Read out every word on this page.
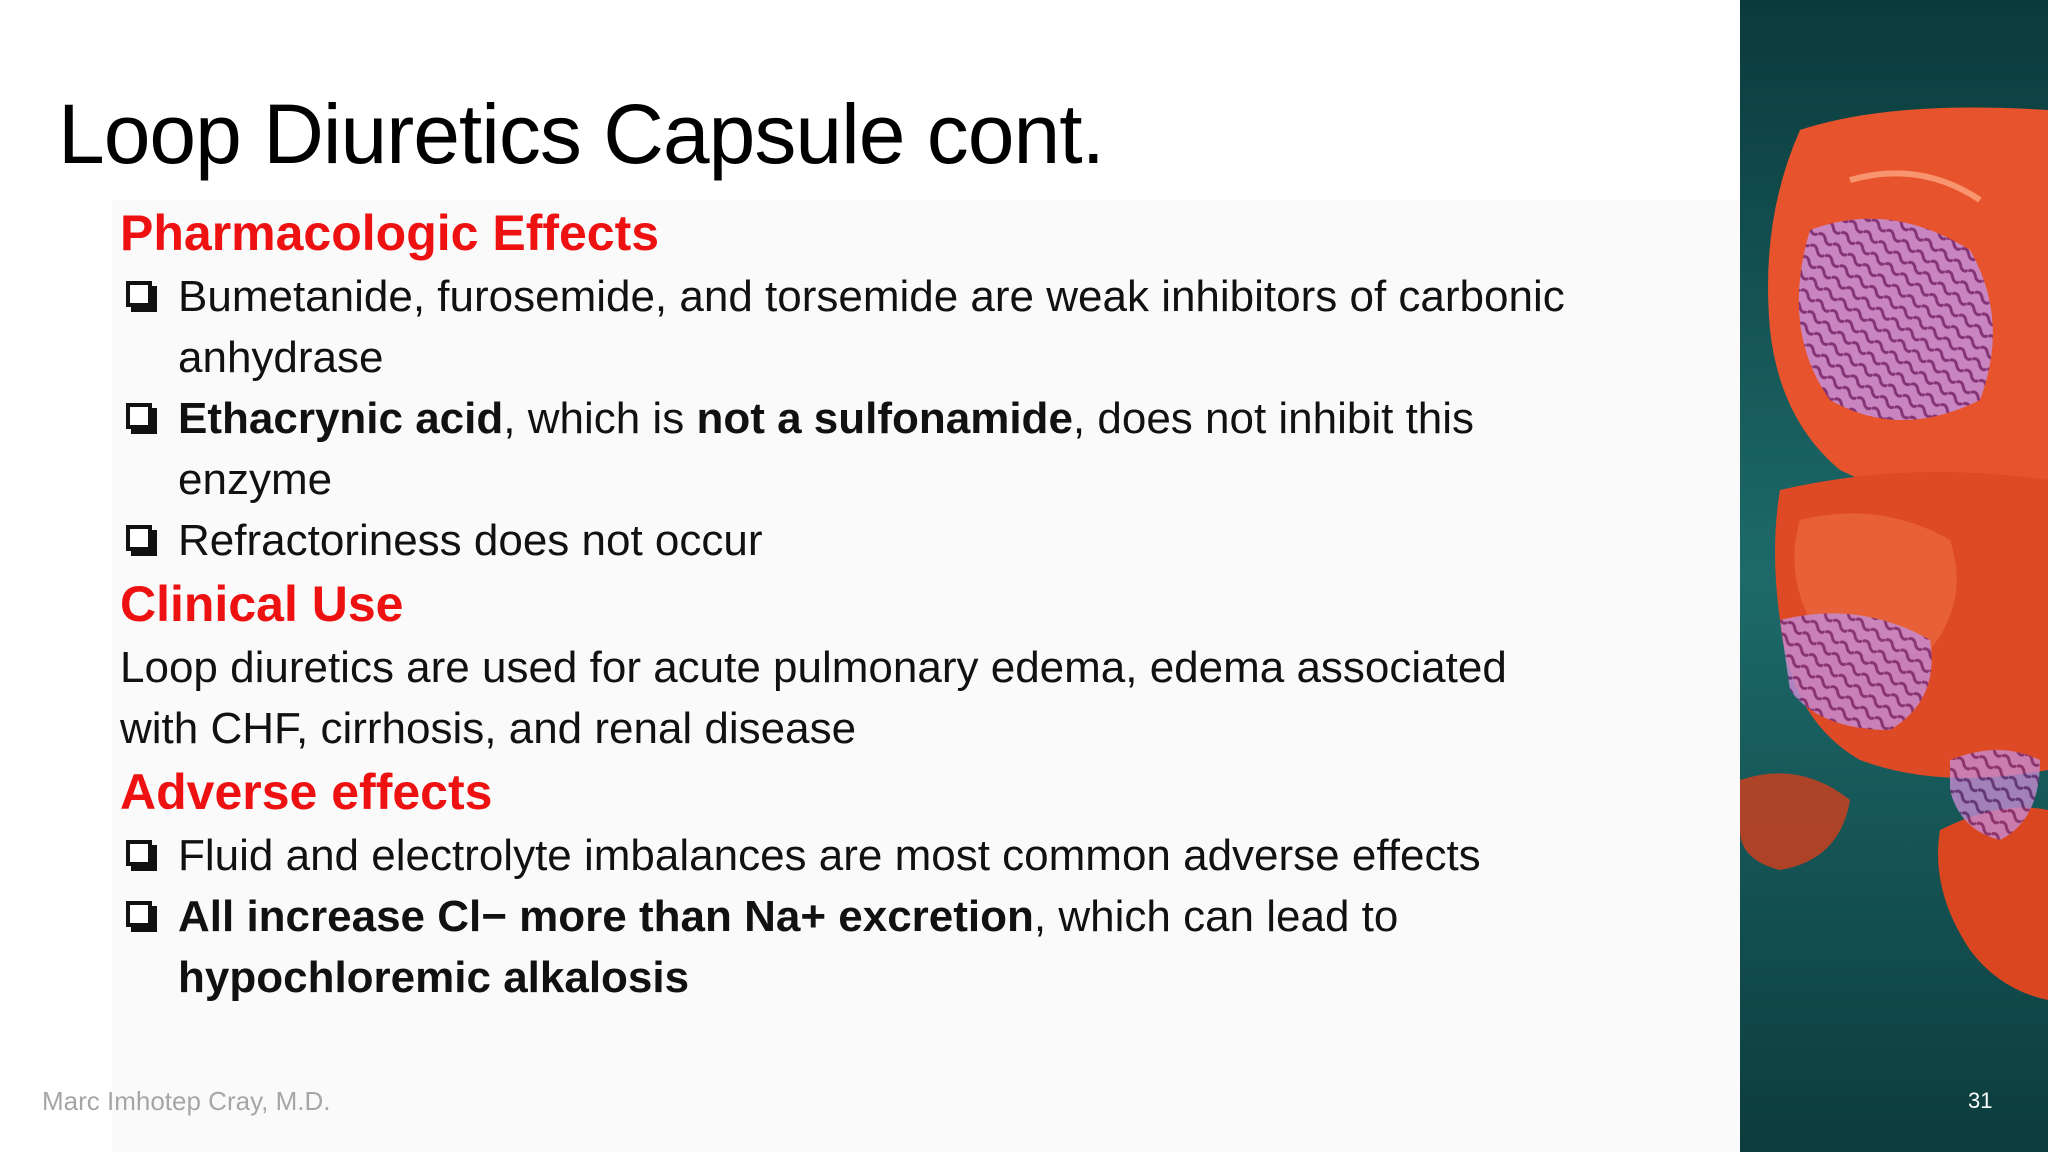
Loop Diuretics Capsule cont.

Pharmacologic Effects

Bumetanide, furosemide, and torsemide are weak inhibitors of carbonic
anhydrase
Ethacrynic acid, which is not a sulfonamide, does not inhibit this
enzyme
Refractoriness does not occur

Clinical Use

Loop diuretics are used for acute pulmonary edema, edema associated
with CHF, cirrhosis, and renal disease

Adverse effects

Fluid and electrolyte imbalances are most common adverse effects
All increase Cl− more than Na+ excretion, which can lead to
hypochloremic alkalosis
Marc Imhotep Cray, M.D.	31
